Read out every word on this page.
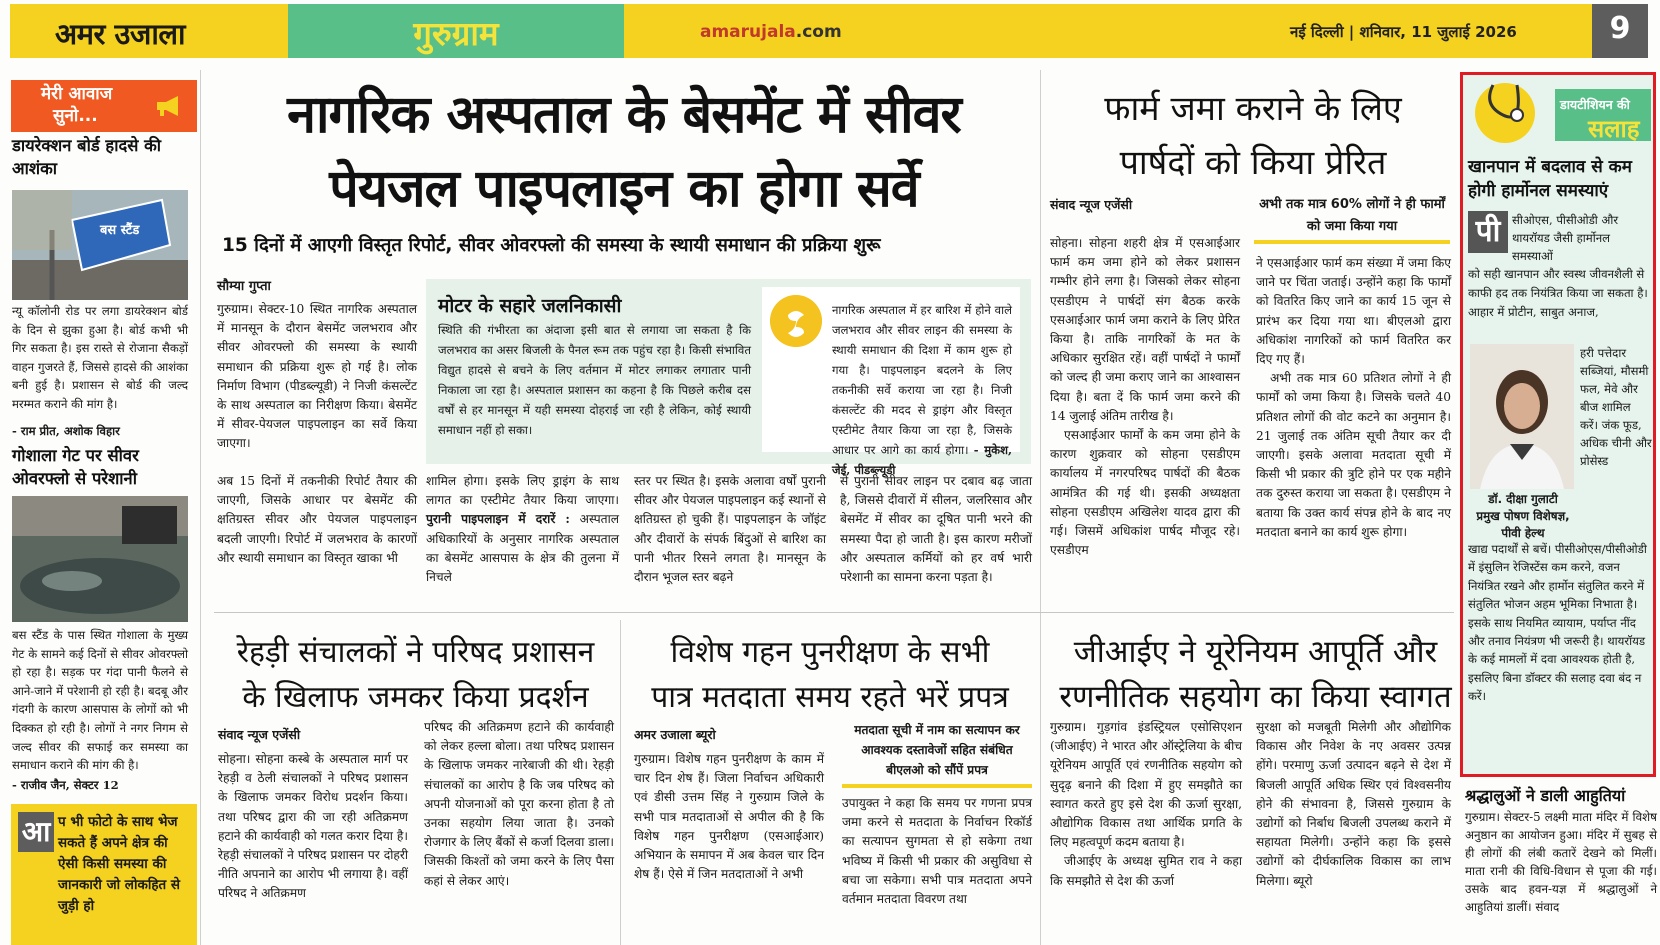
अमर उजाला	गुरुग्राम	amarujala.com	नई दिल्ली | शनिवार, 11 जुलाई 2026	9
मेरी आवाज
सुनो...
डायरेक्शन बोर्ड हादसे की आशंका
बस स्टैंड
न्यू कॉलोनी रोड पर लगा डायरेक्शन बोर्ड के दिन से झुका हुआ है। बोर्ड कभी भी गिर सकता है। इस रास्ते से रोजाना सैकड़ों वाहन गुजरते हैं, जिससे हादसे की आशंका बनी हुई है। प्रशासन से बोर्ड की जल्द मरम्मत कराने की मांग है।
- राम प्रीत, अशोक विहार
गोशाला गेट पर सीवर ओवरफ्लो से परेशानी
बस स्टैंड के पास स्थित गोशाला के मुख्य गेट के सामने कई दिनों से सीवर ओवरफ्लो हो रहा है। सड़क पर गंदा पानी फैलने से आने-जाने में परेशानी हो रही है। बदबू और गंदगी के कारण आसपास के लोगों को भी दिक्कत हो रही है। लोगों ने नगर निगम से जल्द सीवर की सफाई कर समस्या का समाधान कराने की मांग की है।
- राजीव जैन, सेक्टर 12
आ प भी फोटो के साथ भेज सकते हैं अपने क्षेत्र की ऐसी किसी समस्या की जानकारी जो लोकहित से जुड़ी हो
नागरिक अस्पताल के बेसमेंट में सीवर
पेयजल पाइपलाइन का होगा सर्वे
15 दिनों में आएगी विस्तृत रिपोर्ट, सीवर ओवरफ्लो की समस्या के स्थायी समाधान की प्रक्रिया शुरू
सौम्या गुप्ता
गुरुग्राम। सेक्टर-10 स्थित नागरिक अस्पताल में मानसून के दौरान बेसमेंट जलभराव और सीवर ओवरफ्लो की समस्या के स्थायी समाधान की प्रक्रिया शुरू हो गई है। लोक निर्माण विभाग (पीडब्ल्यूडी) ने निजी कंसल्टेंट के साथ अस्पताल का निरीक्षण किया। बेसमेंट में सीवर-पेयजल पाइपलाइन का सर्वे किया जाएगा।
अब 15 दिनों में तकनीकी रिपोर्ट तैयार की जाएगी, जिसके आधार पर बेसमेंट की क्षतिग्रस्त सीवर और पेयजल पाइपलाइन बदली जाएगी। रिपोर्ट में जलभराव के कारणों और स्थायी समाधान का विस्तृत खाका भी
मोटर के सहारे जलनिकासी
स्थिति की गंभीरता का अंदाजा इसी बात से लगाया जा सकता है कि जलभराव का असर बिजली के पैनल रूम तक पहुंच रहा है। किसी संभावित विद्युत हादसे से बचने के लिए वर्तमान में मोटर लगाकर लगातार पानी निकाला जा रहा है। अस्पताल प्रशासन का कहना है कि पिछले करीब दस वर्षों से हर मानसून में यही समस्या दोहराई जा रही है लेकिन, कोई स्थायी समाधान नहीं हो सका।
नागरिक अस्पताल में हर बारिश में होने वाले जलभराव और सीवर लाइन की समस्या के स्थायी समाधान की दिशा में काम शुरू हो गया है। पाइपलाइन बदलने के लिए तकनीकी सर्वे कराया जा रहा है। निजी कंसल्टेंट की मदद से ड्राइंग और विस्तृत एस्टीमेट तैयार किया जा रहा है, जिसके आधार पर आगे का कार्य होगा। - मुकेश, जेई, पीडब्ल्यूडी
शामिल होगा। इसके लिए ड्राइंग के साथ लागत का एस्टीमेट तैयार किया जाएगा। पुरानी पाइपलाइन में दरारें : अस्पताल अधिकारियों के अनुसार नागरिक अस्पताल का बेसमेंट आसपास के क्षेत्र की तुलना में निचले
स्तर पर स्थित है। इसके अलावा वर्षों पुरानी सीवर और पेयजल पाइपलाइन कई स्थानों से क्षतिग्रस्त हो चुकी हैं। पाइपलाइन के जॉइंट और दीवारों के संपर्क बिंदुओं से बारिश का पानी भीतर रिसने लगता है। मानसून के दौरान भूजल स्तर बढ़ने
से पुरानी सीवर लाइन पर दबाव बढ़ जाता है, जिससे दीवारों में सीलन, जलरिसाव और बेसमेंट में सीवर का दूषित पानी भरने की समस्या पैदा हो जाती है। इस कारण मरीजों और अस्पताल कर्मियों को हर वर्ष भारी परेशानी का सामना करना पड़ता है।
फार्म जमा कराने के लिए
पार्षदों को किया प्रेरित
संवाद न्यूज एजेंसी	अभी तक मात्र 60% लोगों ने ही फार्मों को जमा किया गया
सोहना। सोहना शहरी क्षेत्र में एसआईआर फार्म कम जमा होने को लेकर प्रशासन गम्भीर होने लगा है। जिसको लेकर सोहना एसडीएम ने पार्षदों संग बैठक करके एसआईआर फार्म जमा कराने के लिए प्रेरित किया है। ताकि नागरिकों के मत के अधिकार सुरक्षित रहें। वहीं पार्षदों ने फार्मों को जल्द ही जमा कराए जाने का आश्वासन दिया है। बता दें कि फार्म जमा करने की 14 जुलाई अंतिम तारीख है।
एसआईआर फार्मों के कम जमा होने के कारण शुक्रवार को सोहना एसडीएम कार्यालय में नगरपरिषद पार्षदों की बैठक आमंत्रित की गई थी। इसकी अध्यक्षता सोहना एसडीएम अखिलेश यादव द्वारा की गई। जिसमें अधिकांश पार्षद मौजूद रहे। एसडीएम
ने एसआईआर फार्म कम संख्या में जमा किए जाने पर चिंता जताई। उन्होंने कहा कि फार्मों को वितरित किए जाने का कार्य 15 जून से प्रारंभ कर दिया गया था। बीएलओ द्वारा अधिकांश नागरिकों को फार्म वितरित कर दिए गए हैं।
अभी तक मात्र 60 प्रतिशत लोगों ने ही फार्मों को जमा किया है। जिसके चलते 40 प्रतिशत लोगों की वोट कटने का अनुमान है। 21 जुलाई तक अंतिम सूची तैयार कर दी जाएगी। इसके अलावा मतदाता सूची में किसी भी प्रकार की त्रुटि होने पर एक महीने तक दुरुस्त कराया जा सकता है। एसडीएम ने बताया कि उक्त कार्य संपन्न होने के बाद नए मतदाता बनाने का कार्य शुरू होगा।
डायटीशियन की
सलाह
खानपान में बदलाव से कम होगी हार्मोनल समस्याएं
पी सीओएस, पीसीओडी और थायरॉयड जैसी हार्मोनल समस्याओं
को सही खानपान और स्वस्थ जीवनशैली से काफी हद तक नियंत्रित किया जा सकता है। आहार में प्रोटीन, साबुत अनाज,
हरी पत्तेदार सब्जियां, मौसमी फल, मेवे और बीज शामिल करें। जंक फूड, अधिक चीनी और प्रोसेस्ड
डॉ. दीक्षा गुलाटी
प्रमुख पोषण विशेषज्ञ, पीवी हेल्थ
खाद्य पदार्थों से बचें। पीसीओएस/पीसीओडी में इंसुलिन रेजिस्टेंस कम करने, वजन नियंत्रित रखने और हार्मोन संतुलित करने में संतुलित भोजन अहम भूमिका निभाता है। इसके साथ नियमित व्यायाम, पर्याप्त नींद और तनाव नियंत्रण भी जरूरी है। थायरॉयड के कई मामलों में दवा आवश्यक होती है, इसलिए बिना डॉक्टर की सलाह दवा बंद न करें।
श्रद्धालुओं ने डाली आहुतियां
गुरुग्राम। सेक्टर-5 लक्ष्मी माता मंदिर में विशेष अनुष्ठान का आयोजन हुआ। मंदिर में सुबह से ही लोगों की लंबी कतारें देखने को मिलीं। माता रानी की विधि-विधान से पूजा की गई। उसके बाद हवन-यज्ञ में श्रद्धालुओं ने आहुतियां डालीं। संवाद
रेहड़ी संचालकों ने परिषद प्रशासन
के खिलाफ जमकर किया प्रदर्शन
संवाद न्यूज एजेंसी
सोहना। सोहना कस्बे के अस्पताल मार्ग पर रेहड़ी व ठेली संचालकों ने परिषद प्रशासन के खिलाफ जमकर विरोध प्रदर्शन किया। तथा परिषद द्वारा की जा रही अतिक्रमण हटाने की कार्यवाही को गलत करार दिया है। रेहड़ी संचालकों ने परिषद प्रशासन पर दोहरी नीति अपनाने का आरोप भी लगाया है। वहीं परिषद ने अतिक्रमण
परिषद की अतिक्रमण हटाने की कार्यवाही को लेकर हल्ला बोला। तथा परिषद प्रशासन के खिलाफ जमकर नारेबाजी की थी। रेहड़ी संचालकों का आरोप है कि जब परिषद को अपनी योजनाओं को पूरा करना होता है तो उनका सहयोग लिया जाता है। उनको रोजगार के लिए बैंकों से कर्जा दिलवा डाला। जिसकी किश्तों को जमा करने के लिए पैसा कहां से लेकर आएं।
विशेष गहन पुनरीक्षण के सभी
पात्र मतदाता समय रहते भरें प्रपत्र
अमर उजाला ब्यूरो	मतदाता सूची में नाम का सत्यापन कर आवश्यक दस्तावेजों सहित संबंधित बीएलओ को सौंपें प्रपत्र
गुरुग्राम। विशेष गहन पुनरीक्षण के काम में चार दिन शेष हैं। जिला निर्वाचन अधिकारी एवं डीसी उत्तम सिंह ने गुरुग्राम जिले के सभी पात्र मतदाताओं से अपील की है कि विशेष गहन पुनरीक्षण (एसआईआर) अभियान के समापन में अब केवल चार दिन शेष हैं। ऐसे में जिन मतदाताओं ने अभी
उपायुक्त ने कहा कि समय पर गणना प्रपत्र जमा करने से मतदाता के निर्वाचन रिकॉर्ड का सत्यापन सुगमता से हो सकेगा तथा भविष्य में किसी भी प्रकार की असुविधा से बचा जा सकेगा। सभी पात्र मतदाता अपने वर्तमान मतदाता विवरण तथा
जीआईए ने यूरेनियम आपूर्ति और
रणनीतिक सहयोग का किया स्वागत
गुरुग्राम। गुड़गांव इंडस्ट्रियल एसोसिएशन (जीआईए) ने भारत और ऑस्ट्रेलिया के बीच यूरेनियम आपूर्ति एवं रणनीतिक सहयोग को सुदृढ़ बनाने की दिशा में हुए समझौते का स्वागत करते हुए इसे देश की ऊर्जा सुरक्षा, औद्योगिक विकास तथा आर्थिक प्रगति के लिए महत्वपूर्ण कदम बताया है।
जीआईए के अध्यक्ष सुमित राव ने कहा कि समझौते से देश की ऊर्जा
सुरक्षा को मजबूती मिलेगी और औद्योगिक विकास और निवेश के नए अवसर उत्पन्न होंगे। परमाणु ऊर्जा उत्पादन बढ़ने से देश में बिजली आपूर्ति अधिक स्थिर एवं विश्वसनीय होने की संभावना है, जिससे गुरुग्राम के उद्योगों को निर्बाध बिजली उपलब्ध कराने में सहायता मिलेगी। उन्होंने कहा कि इससे उद्योगों को दीर्घकालिक विकास का लाभ मिलेगा। ब्यूरो
